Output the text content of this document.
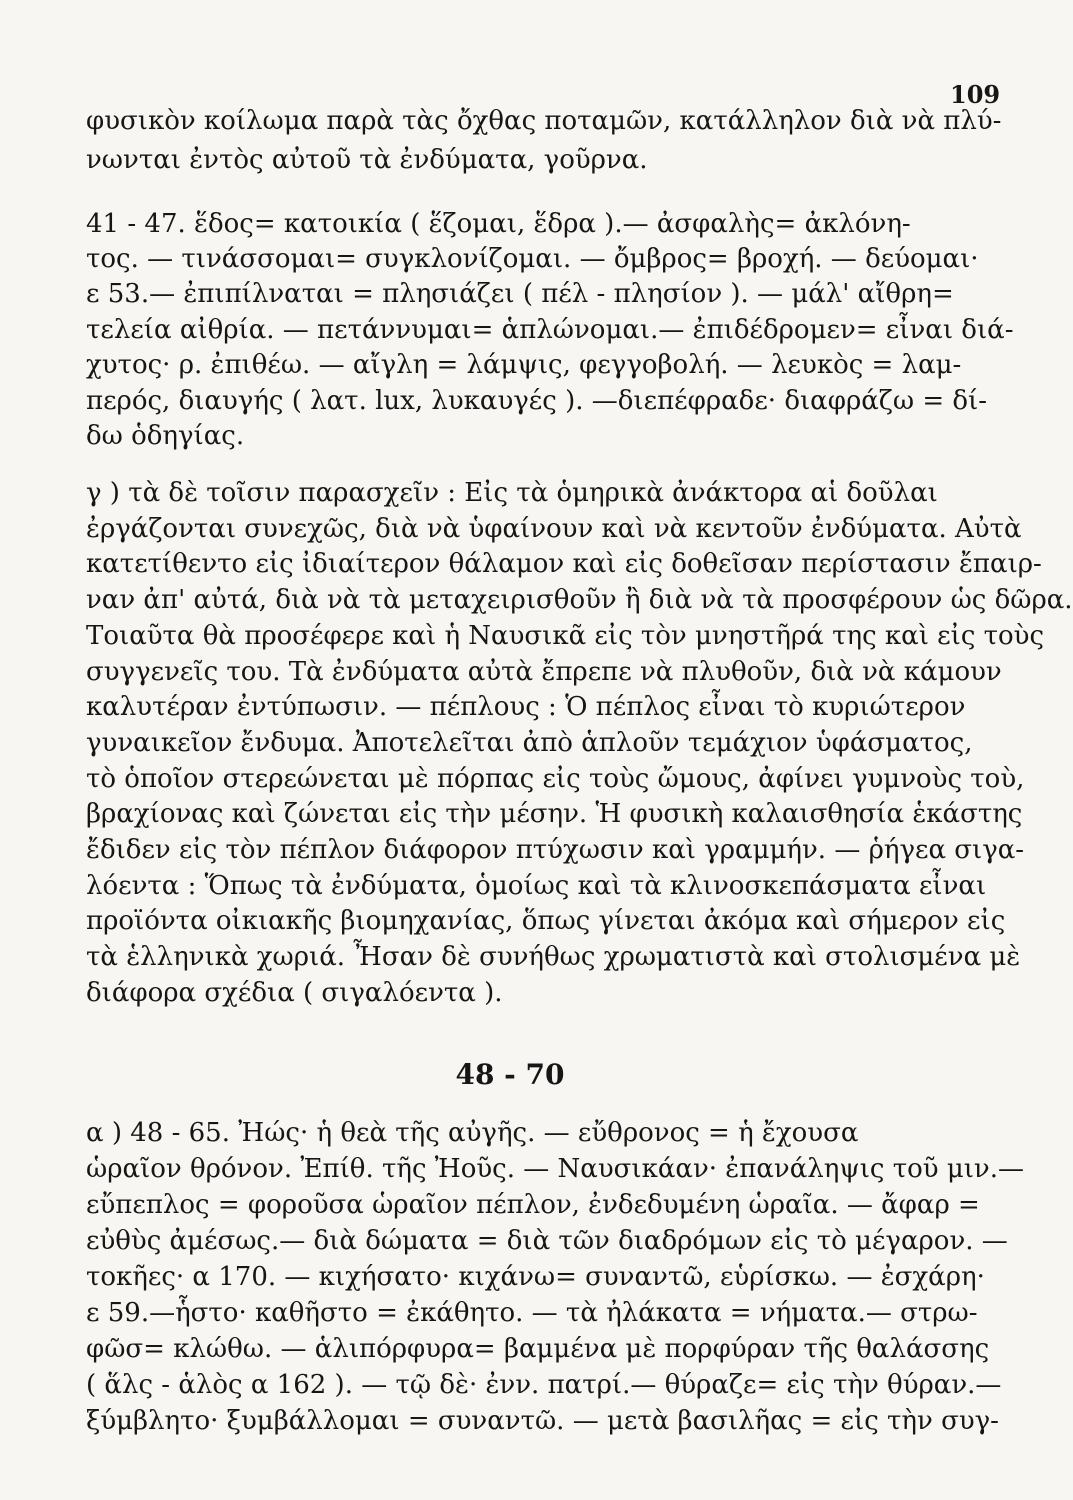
109
φυσικὸν κοίλωμα παρὰ τὰς ὄχθας ποταμῶν, κατάλληλον διὰ νὰ πλύ-
νωνται ἐντὸς αὐτοῦ τὰ ἐνδύματα, γοῦρνα.
41 - 47. ἕδος= κατοικία ( ἕζομαι, ἕδρα ).— ἀσφαλὴς= ἀκλόνη-
τος. — τινάσσομαι= συγκλονίζομαι. — ὄμβρος= βροχή. — δεύομαι·
ε 53.— ἐπιπίλναται = πλησιάζει ( πέλ - πλησίον ). — μάλ' αἴθρη=
τελεία αἰθρία. — πετάννυμαι= ἁπλώνομαι.— ἐπιδέδρομεν= εἶναι διά-
χυτος· ρ. ἐπιθέω. — αἴγλη = λάμψις, φεγγοβολή. — λευκὸς = λαμ-
περός, διαυγής ( λατ. lux, λυκαυγές ). —διεπέφραδε· διαφράζω = δί-
δω ὁδηγίας.
γ ) τὰ δὲ τοῖσιν παρασχεῖν : Εἰς τὰ ὁμηρικὰ ἀνάκτορα αἱ δοῦλαι
ἐργάζονται συνεχῶς, διὰ νὰ ὑφαίνουν καὶ νὰ κεντοῦν ἐνδύματα. Αὐτὰ
κατετίθεντο εἰς ἰδιαίτερον θάλαμον καὶ εἰς δοθεῖσαν περίστασιν ἔπαιρ-
ναν ἀπ' αὐτά, διὰ νὰ τὰ μεταχειρισθοῦν ἢ διὰ νὰ τὰ προσφέρουν ὡς δῶρα.
Τοιαῦτα θὰ προσέφερε καὶ ἡ Ναυσικᾶ εἰς τὸν μνηστῆρά της καὶ εἰς τοὺς
συγγενεῖς του. Τὰ ἐνδύματα αὐτὰ ἔπρεπε νὰ πλυθοῦν, διὰ νὰ κάμουν
καλυτέραν ἐντύπωσιν. — πέπλους : Ὁ πέπλος εἶναι τὸ κυριώτερον
γυναικεῖον ἔνδυμα. Ἀποτελεῖται ἀπὸ ἁπλοῦν τεμάχιον ὑφάσματος,
τὸ ὁποῖον στερεώνεται μὲ πόρπας εἰς τοὺς ὤμους, ἀφίνει γυμνοὺς τοὺ,
βραχίονας καὶ ζώνεται εἰς τὴν μέσην. Ἡ φυσικὴ καλαισθησία ἑκάστης
ἔδιδεν εἰς τὸν πέπλον διάφορον πτύχωσιν καὶ γραμμήν. — ῥήγεα σιγα-
λόεντα : Ὅπως τὰ ἐνδύματα, ὁμοίως καὶ τὰ κλινοσκεπάσματα εἶναι
προϊόντα οἰκιακῆς βιομηχανίας, ὅπως γίνεται ἀκόμα καὶ σήμερον εἰς
τὰ ἑλληνικὰ χωριά. Ἦσαν δὲ συνήθως χρωματιστὰ καὶ στολισμένα μὲ
διάφορα σχέδια ( σιγαλόεντα ).
48 - 70
α ) 48 - 65. Ἠώς· ἡ θεὰ τῆς αὐγῆς. — εὔθρονος = ἡ ἔχουσα
ὡραῖον θρόνον. Ἐπίθ. τῆς Ἠοῦς. — Ναυσικάαν· ἐπανάληψις τοῦ μιν.—
εὔπεπλος = φοροῦσα ὡραῖον πέπλον, ἐνδεδυμένη ὡραῖα. — ἄφαρ =
εὐθὺς ἀμέσως.— διὰ δώματα = διὰ τῶν διαδρόμων εἰς τὸ μέγαρον. —
τοκῆες· α 170. — κιχήσατο· κιχάνω= συναντῶ, εὑρίσκω. — ἐσχάρη·
ε 59.—ἧστο· καθῆστο = ἐκάθητο. — τὰ ἠλάκατα = νήματα.— στρω-
φῶσ= κλώθω. — ἁλιπόρφυρα= βαμμένα μὲ πορφύραν τῆς θαλάσσης
( ἅλς - ἁλὸς α 162 ). — τῷ δὲ· ἐνν. πατρί.— θύραζε= εἰς τὴν θύραν.—
ξύμβλητο· ξυμβάλλομαι = συναντῶ. — μετὰ βασιλῆας = εἰς τὴν συγ-
